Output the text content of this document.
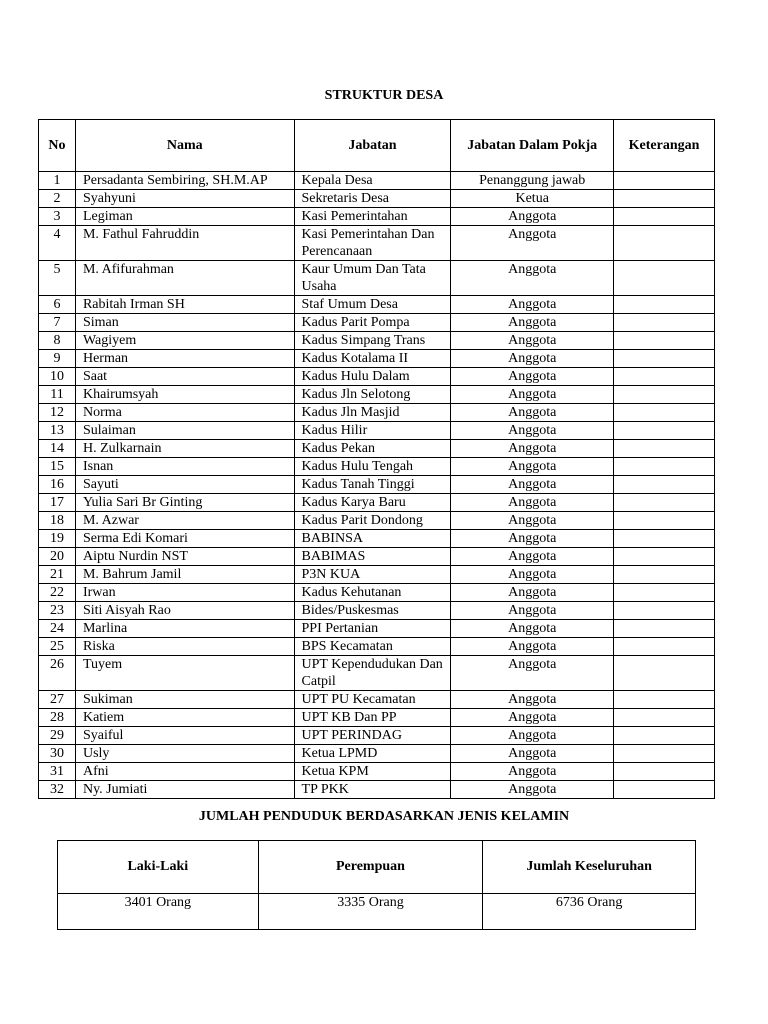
STRUKTUR DESA
No	Nama	Jabatan	Jabatan Dalam Pokja	Keterangan
1	Persadanta Sembiring, SH.M.AP	Kepala Desa	Penanggung jawab	
2	Syahyuni	Sekretaris Desa	Ketua	
3	Legiman	Kasi Pemerintahan	Anggota	
4	M. Fathul Fahruddin	Kasi Pemerintahan Dan Perencanaan	Anggota	
5	M. Afifurahman	Kaur Umum Dan Tata Usaha	Anggota	
6	Rabitah Irman SH	Staf Umum Desa	Anggota	
7	Siman	Kadus Parit Pompa	Anggota	
8	Wagiyem	Kadus Simpang Trans	Anggota	
9	Herman	Kadus Kotalama II	Anggota	
10	Saat	Kadus Hulu Dalam	Anggota	
11	Khairumsyah	Kadus Jln Selotong	Anggota	
12	Norma	Kadus Jln Masjid	Anggota	
13	Sulaiman	Kadus Hilir	Anggota	
14	H. Zulkarnain	Kadus Pekan	Anggota	
15	Isnan	Kadus Hulu Tengah	Anggota	
16	Sayuti	Kadus Tanah Tinggi	Anggota	
17	Yulia Sari Br Ginting	Kadus Karya Baru	Anggota	
18	M. Azwar	Kadus Parit Dondong	Anggota	
19	Serma Edi Komari	BABINSA	Anggota	
20	Aiptu Nurdin NST	BABIMAS	Anggota	
21	M. Bahrum Jamil	P3N KUA	Anggota	
22	Irwan	Kadus Kehutanan	Anggota	
23	Siti Aisyah Rao	Bides/Puskesmas	Anggota	
24	Marlina	PPI Pertanian	Anggota	
25	Riska	BPS Kecamatan	Anggota	
26	Tuyem	UPT Kependudukan Dan Catpil	Anggota	
27	Sukiman	UPT PU Kecamatan	Anggota	
28	Katiem	UPT KB Dan PP	Anggota	
29	Syaiful	UPT PERINDAG	Anggota	
30	Usly	Ketua LPMD	Anggota	
31	Afni	Ketua KPM	Anggota	
32	Ny. Jumiati	TP PKK	Anggota	
JUMLAH PENDUDUK BERDASARKAN JENIS KELAMIN
Laki-Laki	Perempuan	Jumlah Keseluruhan
3401 Orang	3335 Orang	6736 Orang
